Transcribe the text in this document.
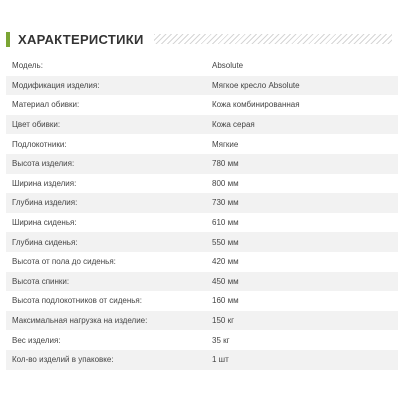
ХАРАКТЕРИСТИКИ
Модель:	Absolute
Модификация изделия:	Мягкое кресло Absolute
Материал обивки:	Кожа комбинированная
Цвет обивки:	Кожа серая
Подлокотники:	Мягкие
Высота изделия:	780 мм
Ширина изделия:	800 мм
Глубина изделия:	730 мм
Ширина сиденья:	610 мм
Глубина сиденья:	550 мм
Высота от пола до сиденья:	420 мм
Высота спинки:	450 мм
Высота подлокотников от сиденья:	160 мм
Максимальная нагрузка на изделие:	150 кг
Вес изделия:	35 кг
Кол-во изделий в упаковке:	1 шт
